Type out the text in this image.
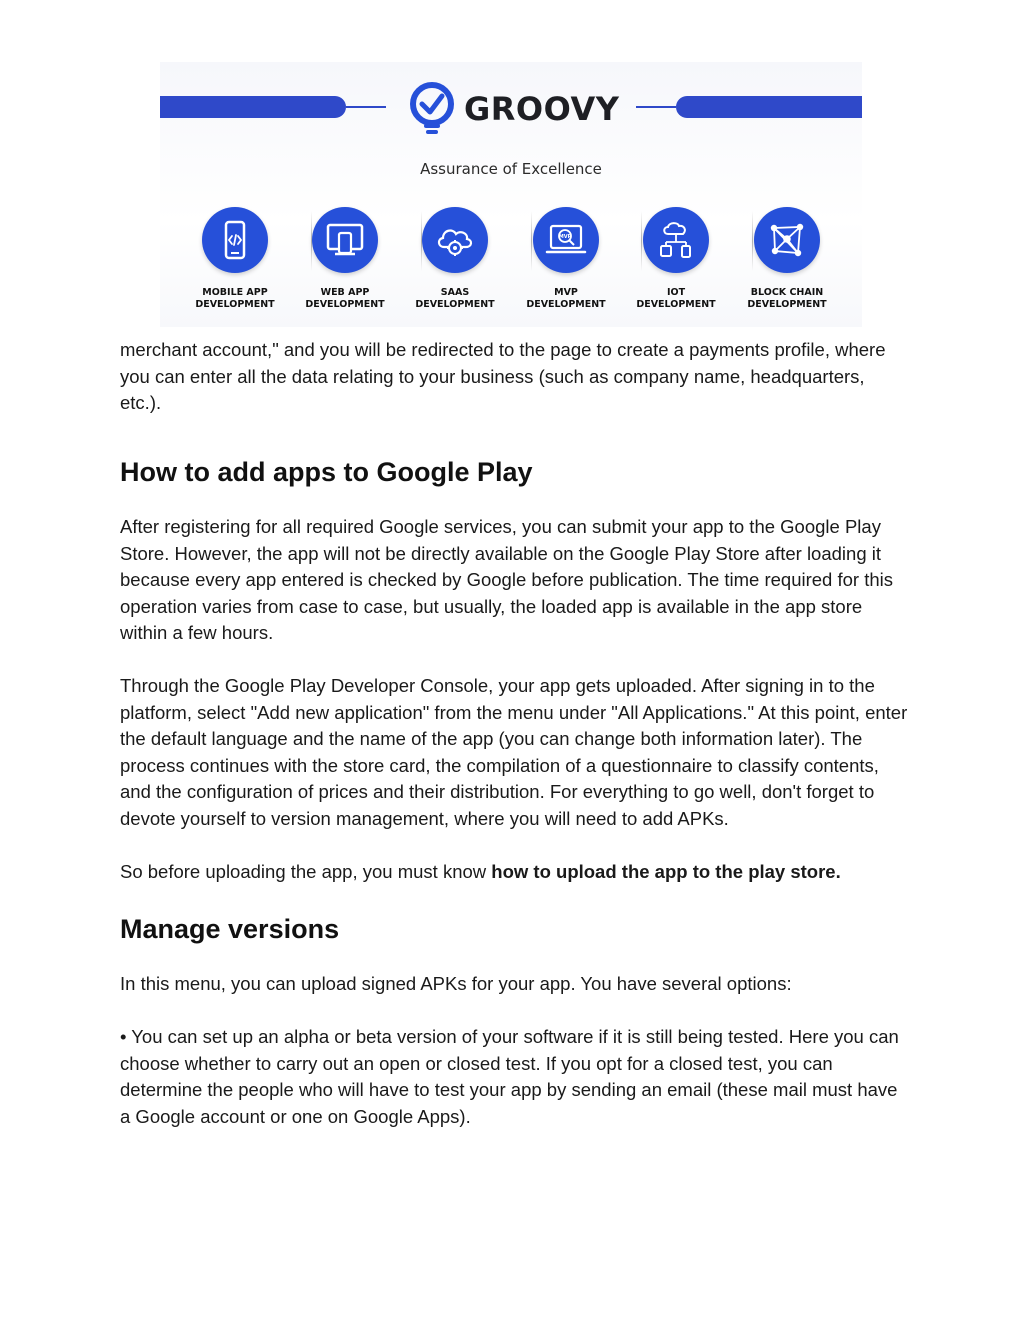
GROOVY
Assurance of Excellence
MOBILE APP
DEVELOPMENT
WEB APP
DEVELOPMENT
SAAS
DEVELOPMENT
MVP
MVP
DEVELOPMENT
IOT
DEVELOPMENT
BLOCK CHAIN
DEVELOPMENT

merchant account," and you will be redirected to the page to create a payments profile, where you can enter all the data relating to your business (such as company name, headquarters, etc.).

How to add apps to Google Play

After registering for all required Google services, you can submit your app to the Google Play Store. However, the app will not be directly available on the Google Play Store after loading it because every app entered is checked by Google before publication. The time required for this operation varies from case to case, but usually, the loaded app is available in the app store within a few hours.

Through the Google Play Developer Console, your app gets uploaded. After signing in to the platform, select "Add new application" from the menu under "All Applications." At this point, enter the default language and the name of the app (you can change both information later). The process continues with the store card, the compilation of a questionnaire to classify contents, and the configuration of prices and their distribution. For everything to go well, don't forget to devote yourself to version management, where you will need to add APKs.

So before uploading the app, you must know how to upload the app to the play store.

Manage versions

In this menu, you can upload signed APKs for your app. You have several options:

• You can set up an alpha or beta version of your software if it is still being tested. Here you can choose whether to carry out an open or closed test. If you opt for a closed test, you can determine the people who will have to test your app by sending an email (these mail must have a Google account or one on Google Apps).
